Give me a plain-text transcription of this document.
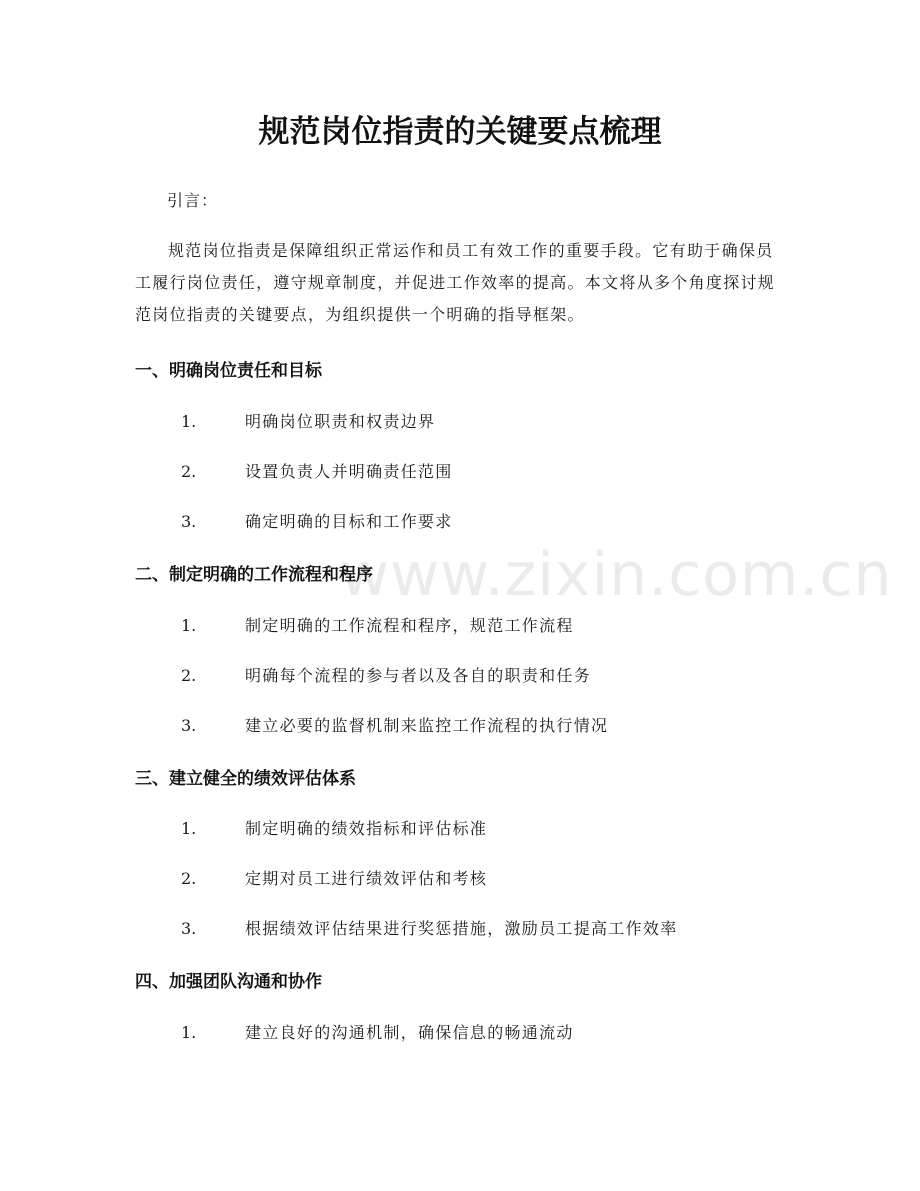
www.zixin.com.cn
规范岗位指责的关键要点梳理
引言：

规范岗位指责是保障组织正常运作和员工有效工作的重要手段。它有助于确保员工履行岗位责任，遵守规章制度，并促进工作效率的提高。本文将从多个角度探讨规范岗位指责的关键要点，为组织提供一个明确的指导框架。

一、明确岗位责任和目标
1.	明确岗位职责和权责边界
2.	设置负责人并明确责任范围
3.	确定明确的目标和工作要求
二、制定明确的工作流程和程序
1.	制定明确的工作流程和程序，规范工作流程
2.	明确每个流程的参与者以及各自的职责和任务
3.	建立必要的监督机制来监控工作流程的执行情况
三、建立健全的绩效评估体系
1.	制定明确的绩效指标和评估标准
2.	定期对员工进行绩效评估和考核
3.	根据绩效评估结果进行奖惩措施，激励员工提高工作效率
四、加强团队沟通和协作
1.	建立良好的沟通机制，确保信息的畅通流动
